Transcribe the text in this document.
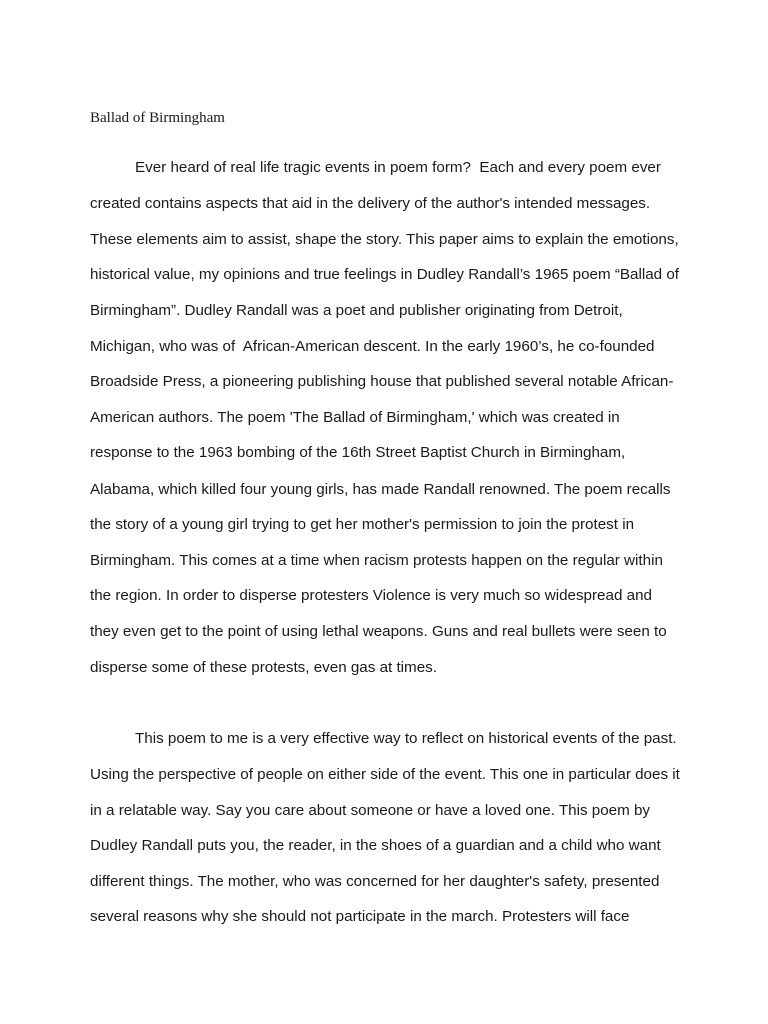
Ballad of Birmingham
Ever heard of real life tragic events in poem form?  Each and every poem ever
created contains aspects that aid in the delivery of the author's intended messages.
These elements aim to assist, shape the story. This paper aims to explain the emotions,
historical value, my opinions and true feelings in Dudley Randall’s 1965 poem “Ballad of
Birmingham”. Dudley Randall was a poet and publisher originating from Detroit,
Michigan, who was of  African-American descent. In the early 1960’s, he co-founded
Broadside Press, a pioneering publishing house that published several notable African-
American authors. The poem 'The Ballad of Birmingham,' which was created in
response to the 1963 bombing of the 16th Street Baptist Church in Birmingham,
Alabama, which killed four young girls, has made Randall renowned. The poem recalls
the story of a young girl trying to get her mother's permission to join the protest in
Birmingham. This comes at a time when racism protests happen on the regular within
the region. In order to disperse protesters Violence is very much so widespread and
they even get to the point of using lethal weapons. Guns and real bullets were seen to
disperse some of these protests, even gas at times.
This poem to me is a very effective way to reflect on historical events of the past.
Using the perspective of people on either side of the event. This one in particular does it
in a relatable way. Say you care about someone or have a loved one. This poem by
Dudley Randall puts you, the reader, in the shoes of a guardian and a child who want
different things. The mother, who was concerned for her daughter's safety, presented
several reasons why she should not participate in the march. Protesters will face
